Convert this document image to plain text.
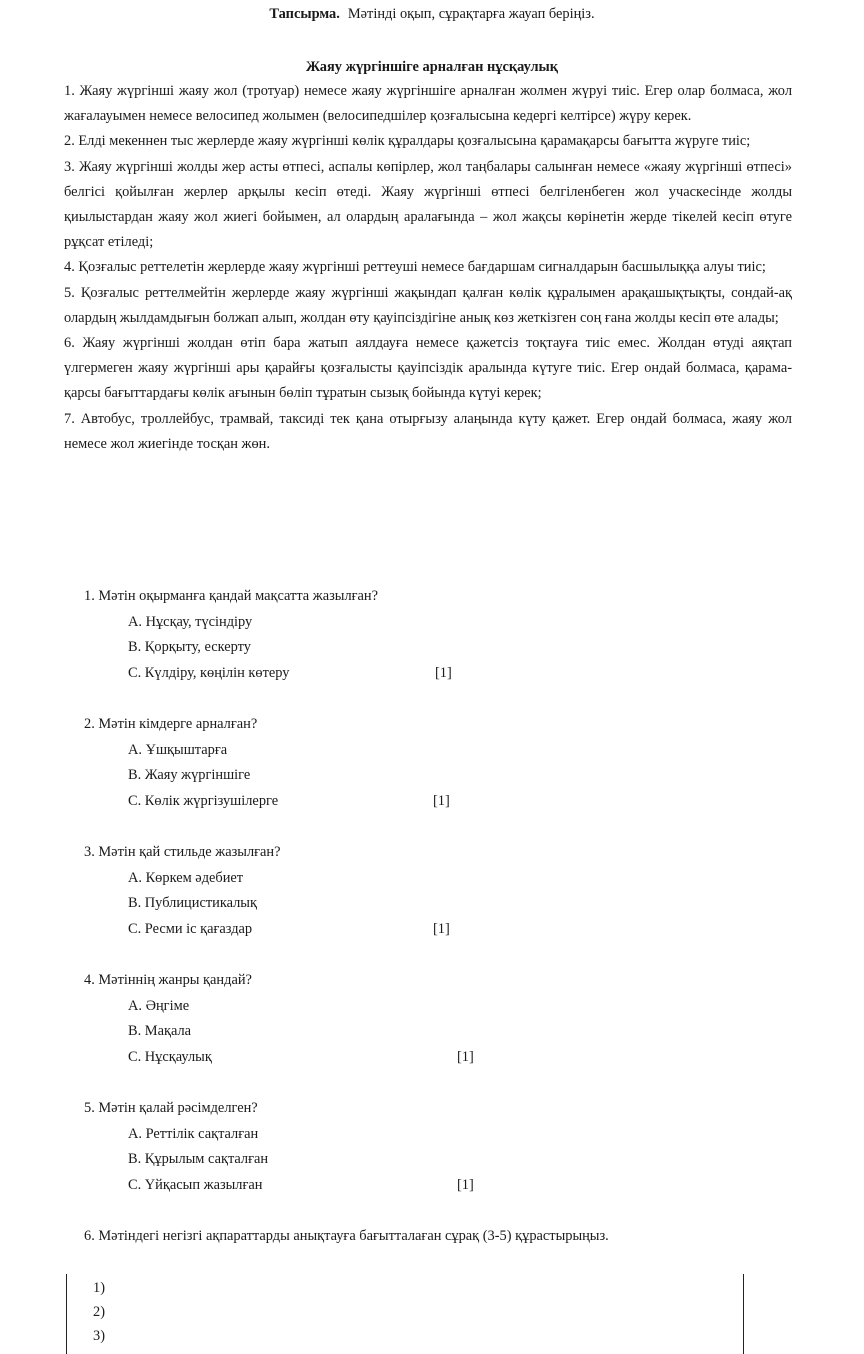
Тапсырма. Мәтінді оқып, сұрақтарға жауап беріңіз.
Жаяу жүргіншіге арналған нұсқаулық

1. Жаяу жүргінші жаяу жол (тротуар) немесе жаяу жүргіншіге арналған жолмен жүруі тиіс. Егер олар болмаса, жол жағалауымен немесе велосипед жолымен (велосипедшілер қозғалысына кедергі келтірсе) жүру керек.

2. Елді мекеннен тыс жерлерде жаяу жүргінші көлік құралдары қозғалысына қарамақарсы бағытта жүруге тиіс;

3. Жаяу жүргінші жолды жер асты өтпесі, аспалы көпірлер, жол таңбалары салынған немесе «жаяу жүргінші өтпесі» белгісі қойылған жерлер арқылы кесіп өтеді. Жаяу жүргінші өтпесі белгіленбеген жол учаскесінде жолды қиылыстардан жаяу жол жиегі бойымен, ал олардың аралағында – жол жақсы көрінетін жерде тікелей кесіп өтуге рұқсат етіледі;

4. Қозғалыс реттелетін жерлерде жаяу жүргінші реттеуші немесе бағдаршам сигналдарын басшылыққа алуы тиіс;

5. Қозғалыс реттелмейтін жерлерде жаяу жүргінші жақындап қалған көлік құралымен арақашықтықты, сондай-ақ олардың жылдамдығын болжап алып, жолдан өту қауіпсіздігіне анық көз жеткізген соң ғана жолды кесіп өте алады;

6. Жаяу жүргінші жолдан өтіп бара жатып аялдауға немесе қажетсіз тоқтауға тиіс емес. Жолдан өтуді аяқтап үлгермеген жаяу жүргінші ары қарайғы қозғалысты қауіпсіздік аралында күтуге тиіс. Егер ондай болмаса, қарама-қарсы бағыттардағы көлік ағынын бөліп тұратын сызық бойында күтуі керек;

7. Автобус, троллейбус, трамвай, таксиді тек қана отырғызу алаңында күту қажет. Егер ондай болмаса, жаяу жол немесе жол жиегінде тосқан жөн.

1. Мәтін оқырманға қандай мақсатта жазылған?
А. Нұсқау, түсіндіру
В. Қорқыту, ескерту
С. Күлдіру, көңілін көтеру	[1]
2. Мәтін кімдерге арналған?
А. Ұшқыштарға
В. Жаяу жүргіншіге
С. Көлік жүргізушілерге	[1]
3. Мәтін қай стильде жазылған?
А. Көркем әдебиет
В. Публицистикалық
С. Ресми іс қағаздар	[1]
4. Мәтіннің жанры қандай?
А. Әңгіме
В. Мақала
С. Нұсқаулық	[1]
5. Мәтін қалай рәсімделген?
А. Реттілік сақталған
В. Құрылым сақталған
С. Үйқасып жазылған	[1]
6. Мәтіндегі негізгі ақпараттарды анықтауға бағытталаған сұрақ (3-5) құрастырыңыз.
1)
2)
3)
